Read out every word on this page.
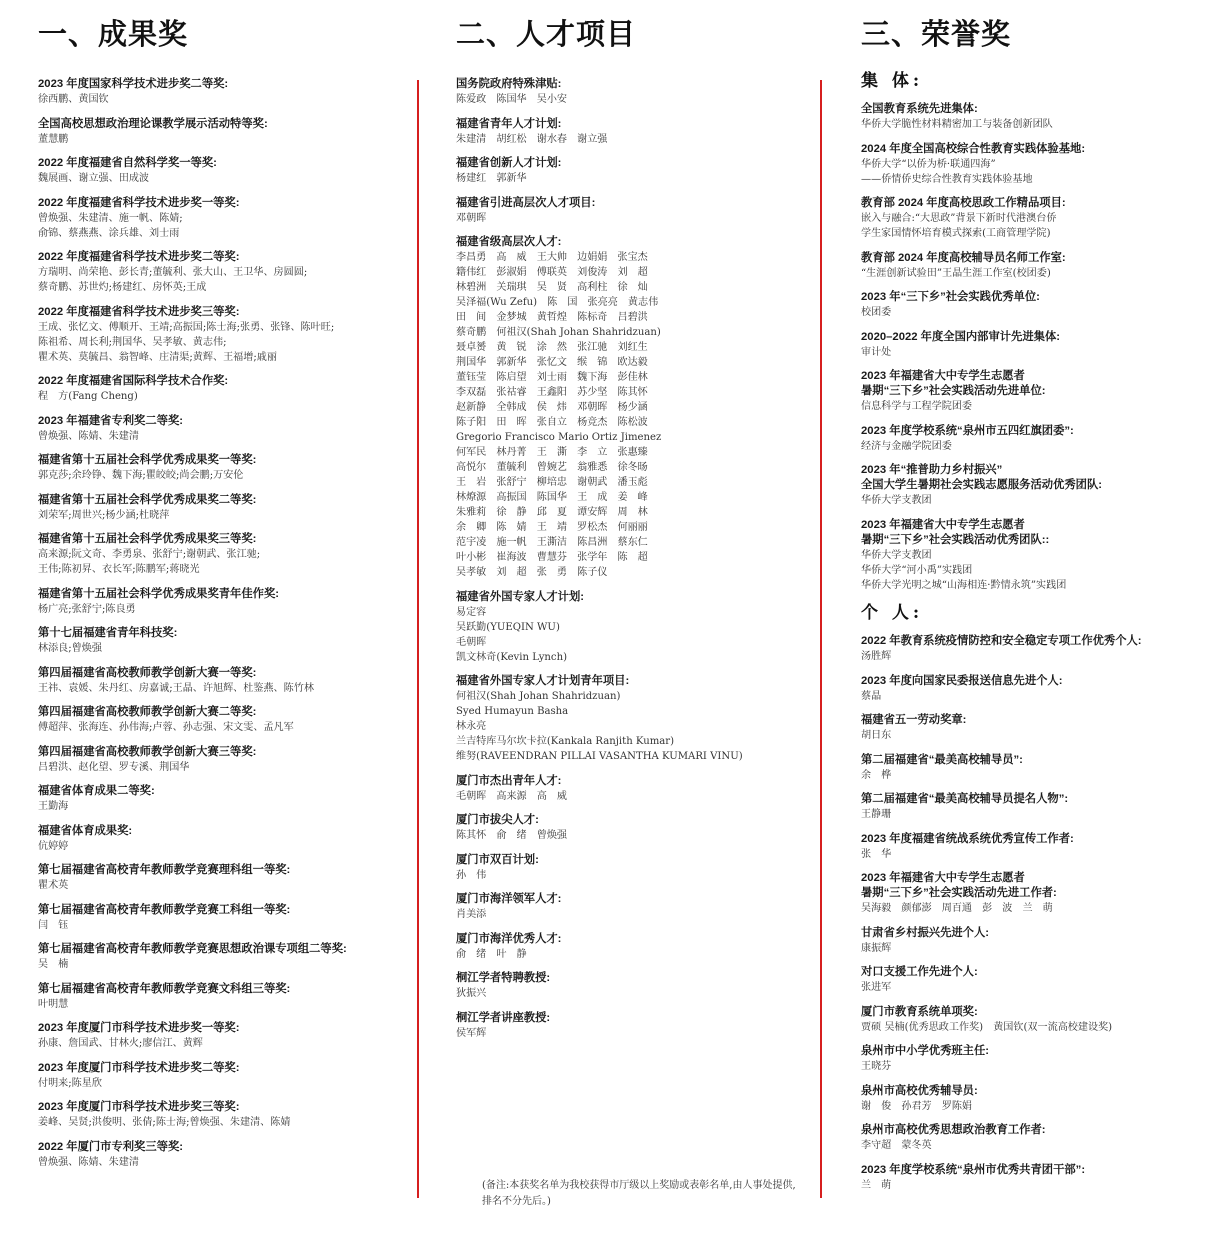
一、成果奖
2023 年度国家科学技术进步奖二等奖:
徐西鹏、黄国钦
全国高校思想政治理论课教学展示活动特等奖:
董慧鹏
2022 年度福建省自然科学奖一等奖:
魏展画、谢立强、田成波
2022 年度福建省科学技术进步奖一等奖:
曾焕强、朱建清、施一帆、陈婧;
俞锦、蔡燕燕、涂兵雄、刘士雨
2022 年度福建省科学技术进步奖二等奖:
方瑞明、尚荣艳、彭长青;董毓利、张大山、王卫华、房圆圆;
蔡奇鹏、苏世灼;杨建红、房怀英;王成
2022 年度福建省科学技术进步奖三等奖:
王成、张忆文、傅顺开、王靖;高振国;陈士海;张勇、张锋、陈叶旺;
陈祖希、周长利;荆国华、吴孝敏、黄志伟;
瞿术英、莫毓昌、翁智峰、庄清渠;黄辉、王福增;戚丽
2022 年度福建省国际科学技术合作奖:
程　方(Fang Cheng)
2023 年福建省专利奖二等奖:
曾焕强、陈婧、朱建清
福建省第十五届社会科学优秀成果奖一等奖:
郭克莎;余玲铮、魏下海;瞿皎皎;尚会鹏;万安伦
福建省第十五届社会科学优秀成果奖二等奖:
刘荣军;周世兴;杨少涵;杜晓萍
福建省第十五届社会科学优秀成果奖三等奖:
高来源;阮文奇、李勇泉、张舒宁;谢朝武、张江驰;
王伟;陈初昇、衣长军;陈鹏军;蒋晓光
福建省第十五届社会科学优秀成果奖青年佳作奖:
杨广亮;张舒宁;陈良勇
第十七届福建省青年科技奖:
林添良;曾焕强
第四届福建省高校教师教学创新大赛一等奖:
王祎、袁媛、朱丹红、房嘉诚;王晶、许旭辉、杜鉴燕、陈竹林
第四届福建省高校教师教学创新大赛二等奖:
傅超萍、张海连、孙伟海;卢蓉、孙志强、宋文雯、孟凡军
第四届福建省高校教师教学创新大赛三等奖:
吕碧洪、赵化望、罗专溪、荆国华
福建省体育成果二等奖:
王勤海
福建省体育成果奖:
伉婷婷
第七届福建省高校青年教师教学竞赛理科组一等奖:
瞿术英
第七届福建省高校青年教师教学竞赛工科组一等奖:
闫　钰
第七届福建省高校青年教师教学竞赛思想政治课专项组二等奖:
吴　楠
第七届福建省高校青年教师教学竞赛文科组三等奖:
叶明慧
2023 年度厦门市科学技术进步奖一等奖:
孙康、詹国武、甘林火;廖信江、黄辉
2023 年度厦门市科学技术进步奖二等奖:
付明来;陈星欣
2023 年度厦门市科学技术进步奖三等奖:
姜峰、吴贤;洪俊明、张倩;陈士海;曾焕强、朱建清、陈婧
2022 年厦门市专利奖三等奖:
曾焕强、陈婧、朱建清
二、人才项目
国务院政府特殊津贴:
陈爱政　陈国华　吴小安
福建省青年人才计划:
朱建清　胡红松　谢水春　谢立强
福建省创新人才计划:
杨建红　郭新华
福建省引进高层次人才项目:
邓朝晖
福建省级高层次人才:
李昌勇　高　威　王大帅　边娟娟　张宝杰
籍伟红　彭淑娟　傅联英　刘俊涛　刘　超
林碧洲　关瑞琪　吴　贤　高利柱　徐　灿
吴泽福(Wu Zefu)　陈　国　张亮亮　黄志伟
田　间　金梦城　黄哲煌　陈标奇　吕碧洪
蔡奇鹏　何祖汉(Shah Johan Shahridzuan)
聂卓赟　黄　锐　涂　然　张江驰　刘红生
荆国华　郭新华　张忆文　缑　锦　欧达毅
董钰莹　陈启望　刘士雨　魏下海　彭佳林
李双磊　张祜睿　王鑫阳　苏少坚　陈其怀
赵新静　全韩成　侯　炜　邓朝晖　杨少涵
陈子阳　田　晖　张自立　杨竞杰　陈松波
Gregorio Francisco Mario Ortiz Jimenez
何军民　林丹菁　王　澌　李　立　张惠臻
高悦尔　董毓利　曾婉艺　翁雅悉　徐冬旸
王　岩　张舒宁　柳培忠　谢朝武　潘玉彪
林燎源　高振国　陈国华　王　成　姜　峰
朱雅莉　徐　静　邱　夏　谭安辉　周　林
余　卿　陈　婧　王　靖　罗松杰　何丽丽
范宇凌　施一帆　王澌洁　陈昌洲　蔡东仁
叶小彬　崔海波　曹慧芬　张学年　陈　超
吴孝敏　刘　超　张　勇　陈子仪
福建省外国专家人才计划:
易定容
吴跃勤(YUEQIN WU)
毛朝晖
凯文林奇(Kevin Lynch)
福建省外国专家人才计划青年项目:
何祖汉(Shah Johan Shahridzuan)
Syed Humayun Basha
林永亮
兰吉特库马尔坎卡拉(Kankala Ranjith Kumar)
维努(RAVEENDRAN PILLAI VASANTHA KUMARI VINU)
厦门市杰出青年人才:
毛朝晖　高来源　高　威
厦门市拔尖人才:
陈其怀　俞　绪　曾焕强
厦门市双百计划:
孙　伟
厦门市海洋领军人才:
肖美添
厦门市海洋优秀人才:
俞　绪　叶　静
桐江学者特聘教授:
狄振兴
桐江学者讲座教授:
侯军辉
三、荣誉奖
集 体:
全国教育系统先进集体:
华侨大学脆性材料精密加工与装备创新团队
2024 年度全国高校综合性教育实践体验基地:
华侨大学“以侨为桥·联通四海”
——侨情侨史综合性教育实践体验基地
教育部 2024 年度高校思政工作精品项目:
嵌入与融合:“大思政”背景下新时代港澳台侨
学生家国情怀培育模式探索(工商管理学院)
教育部 2024 年度高校辅导员名师工作室:
“生涯创新试验田”王晶生涯工作室(校团委)
2023 年“三下乡”社会实践优秀单位:
校团委
2020–2022 年度全国内部审计先进集体:
审计处
2023 年福建省大中专学生志愿者
暑期“三下乡”社会实践活动先进单位:
信息科学与工程学院团委
2023 年度学校系统“泉州市五四红旗团委”:
经济与金融学院团委
2023 年“推普助力乡村振兴”
全国大学生暑期社会实践志愿服务活动优秀团队:
华侨大学支教团
2023 年福建省大中专学生志愿者
暑期“三下乡”社会实践活动优秀团队::
华侨大学支教团
华侨大学“河小禹”实践团
华侨大学光明之城“山海相连·黔情永筑”实践团
个 人:
2022 年教育系统疫情防控和安全稳定专项工作优秀个人:
汤胜辉
2023 年度向国家民委报送信息先进个人:
蔡晶
福建省五一劳动奖章:
胡日东
第二届福建省“最美高校辅导员”:
余　桦
第二届福建省“最美高校辅导员提名人物”:
王静珊
2023 年度福建省统战系统优秀宣传工作者:
张　华
2023 年福建省大中专学生志愿者
暑期“三下乡”社会实践活动先进工作者:
吴海毅　颜郁澎　周百通　彭　波　兰　萌
甘肃省乡村振兴先进个人:
康振辉
对口支援工作先进个人:
张进军
厦门市教育系统单项奖:
贾硕 吴楠(优秀思政工作奖)　黄国钦(双一流高校建设奖)
泉州市中小学优秀班主任:
王晓芬
泉州市高校优秀辅导员:
谢　俊　孙君芳　罗陈娟
泉州市高校优秀思想政治教育工作者:
李守超　蒙冬英
2023 年度学校系统“泉州市优秀共青团干部”:
兰　萌
(备注:本获奖名单为我校获得市厅级以上奖励或表彰名单,由人事处提供,排名不分先后。)
